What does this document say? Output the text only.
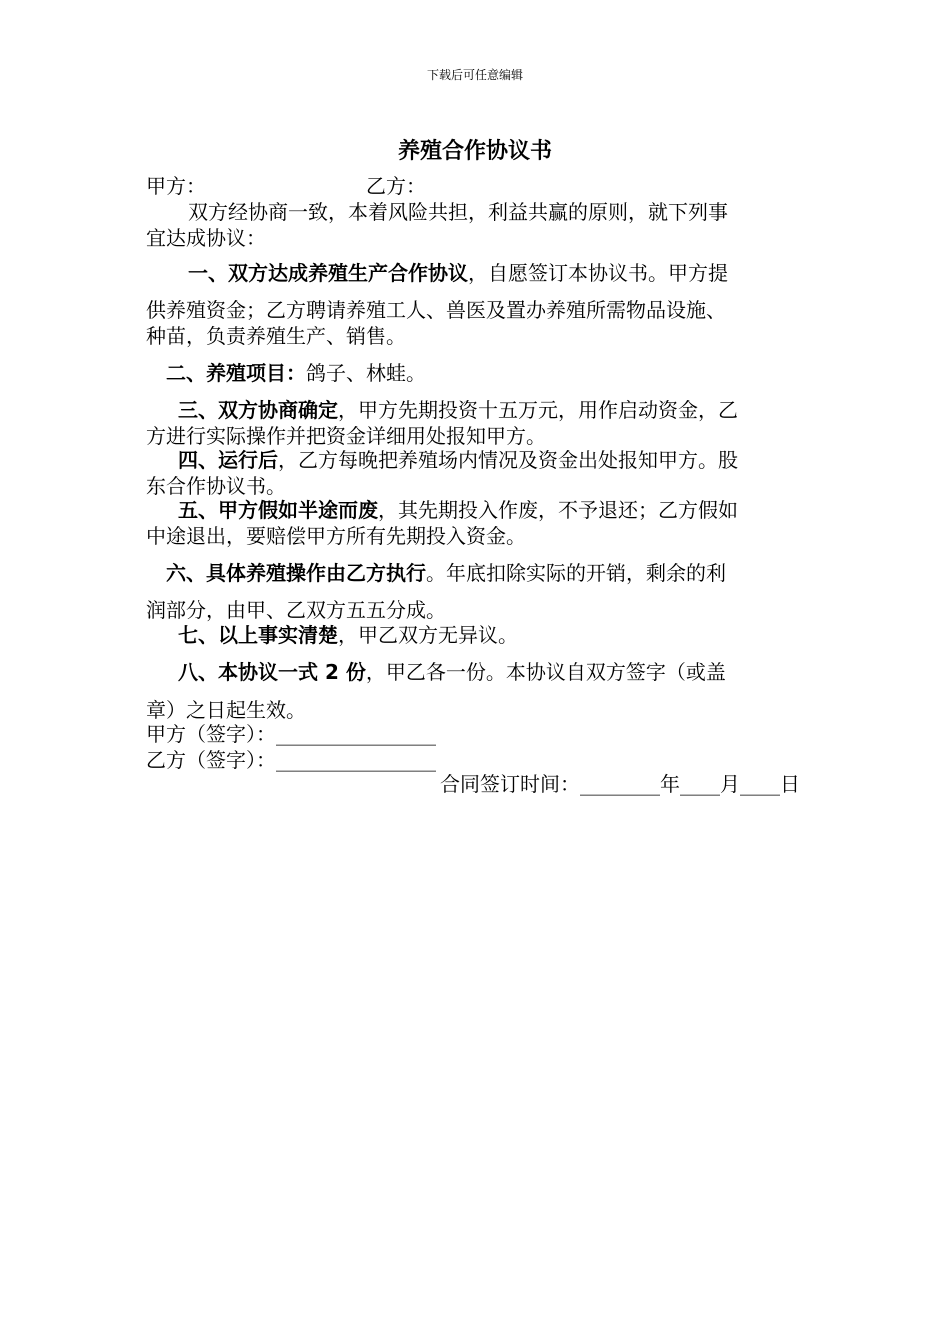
下载后可任意编辑
养殖合作协议书
甲方：	乙方：
双方经协商一致，本着风险共担，利益共赢的原则，就下列事
宜达成协议：
一、双方达成养殖生产合作协议，自愿签订本协议书。甲方提
供养殖资金；乙方聘请养殖工人、兽医及置办养殖所需物品设施、
种苗，负责养殖生产、销售。
二、养殖项目：鸽子、林蛙。
三、双方协商确定，甲方先期投资十五万元，用作启动资金，乙
方进行实际操作并把资金详细用处报知甲方。
四、运行后，乙方每晚把养殖场内情况及资金出处报知甲方。股
东合作协议书。
五、甲方假如半途而废，其先期投入作废，不予退还；乙方假如
中途退出，要赔偿甲方所有先期投入资金。
六、具体养殖操作由乙方执行。年底扣除实际的开销，剩余的利
润部分，由甲、乙双方五五分成。
七、以上事实清楚，甲乙双方无异议。
八、本协议一式 2 份，甲乙各一份。本协议自双方签字（或盖
章）之日起生效。
甲方（签字）：________________
乙方（签字）：________________
合同签订时间：________年____月____日
